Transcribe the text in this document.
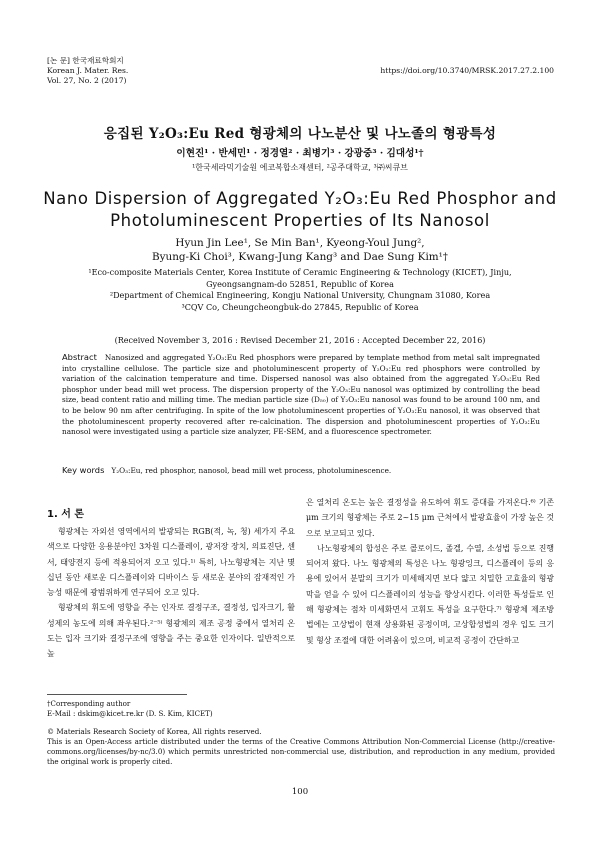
[논 문] 한국재료학회지
Korean J. Mater. Res.
Vol. 27, No. 2 (2017)
https://doi.org/10.3740/MRSK.2017.27.2.100
응집된 Y₂O₃:Eu Red 형광체의 나노분산 및 나노졸의 형광특성
이현진¹ · 반세민¹ · 정경열² · 최병기³ · 강광중³ · 김대성¹†
¹한국세라믹기술원 에코복합소재센터, ²공주대학교, ³㈜씨큐브
Nano Dispersion of Aggregated Y₂O₃:Eu Red Phosphor and
Photoluminescent Properties of Its Nanosol
Hyun Jin Lee¹, Se Min Ban¹, Kyeong-Youl Jung²,
Byung-Ki Choi³, Kwang-Jung Kang³ and Dae Sung Kim¹†
¹Eco-composite Materials Center, Korea Institute of Ceramic Engineering & Technology (KICET), Jinju,
Gyeongsangnam-do 52851, Republic of Korea
²Department of Chemical Engineering, Kongju National University, Chungnam 31080, Korea
³CQV Co, Cheungcheongbuk-do 27845, Republic of Korea
(Received November 3, 2016 : Revised December 21, 2016 : Accepted December 22, 2016)
Abstract Nanosized and aggregated Y₂O₃:Eu Red phosphors were prepared by template method from metal salt impregnated into crystalline cellulose. The particle size and photoluminescent property of Y₂O₃:Eu red phosphors were controlled by variation of the calcination temperature and time. Dispersed nanosol was also obtained from the aggregated Y₂O₃:Eu Red phosphor under bead mill wet process. The dispersion property of the Y₂O₃:Eu nanosol was optimized by controlling the bead size, bead content ratio and milling time. The median particle size (D₅₀) of Y₂O₃:Eu nanosol was found to be around 100 nm, and to be below 90 nm after centrifuging. In spite of the low photoluminescent properties of Y₂O₃:Eu nanosol, it was observed that the photoluminescent property recovered after re-calcination. The dispersion and photoluminescent properties of Y₂O₃:Eu nanosol were investigated using a particle size analyzer, FE-SEM, and a fluorescence spectrometer.
Key words Y₂O₃:Eu, red phosphor, nanosol, bead mill wet process, photoluminescence.
1. 서 론

형광체는 자외선 영역에서의 발광되는 RGB(적, 녹, 청) 세가지 주요색으로 다양한 응용분야인 3차원 디스플레이, 광저장 장치, 의료진단, 센서, 태양전지 등에 적용되어져 오고 있다.¹⁾ 특히, 나노형광체는 지난 몇 십년 동안 새로운 디스플레이와 디바이스 등 새로운 분야의 잠재적인 가능성 때문에 광범위하게 연구되어 오고 있다.

형광체의 휘도에 영향을 주는 인자로 결정구조, 결정성, 입자크기, 활성제의 농도에 의해 좌우된다.²⁻⁵⁾ 형광체의 제조 공정 중에서 열처리 온도는 입자 크기와 결정구조에 영향을 주는 중요한 인자이다. 일반적으로 높

은 열처리 온도는 높은 결정성을 유도하여 휘도 증대를 가져온다.⁶⁾ 기존 μm 크기의 형광체는 주로 2~15 μm 근처에서 발광효율이 가장 높은 것으로 보고되고 있다.

나노형광체의 합성은 주로 콜로이드, 졸겔, 수열, 소성법 등으로 진행되어져 왔다. 나노 형광체의 특성은 나노 형광잉크, 디스플레이 등의 응용에 있어서 분말의 크기가 미세해지면 보다 얇고 치밀한 고효율의 형광막을 얻을 수 있어 디스플레이의 성능을 향상시킨다. 이러한 특성들로 인해 형광체는 점차 미세화면서 고휘도 특성을 요구한다.⁷⁾ 형광체 제조방법에는 고상법이 현재 상용화된 공정이며, 고상합성법의 경우 입도 크기 및 형상 조절에 대한 어려움이 있으며, 비교적 공정이 간단하고

†Corresponding author
E-Mail : dskim@kicet.re.kr (D. S. Kim, KICET)
© Materials Research Society of Korea, All rights reserved.
This is an Open-Access article distributed under the terms of the Creative Commons Attribution Non-Commercial License (http://creative-commons.org/licenses/by-nc/3.0) which permits unrestricted non-commercial use, distribution, and reproduction in any medium, provided the original work is properly cited.
100
